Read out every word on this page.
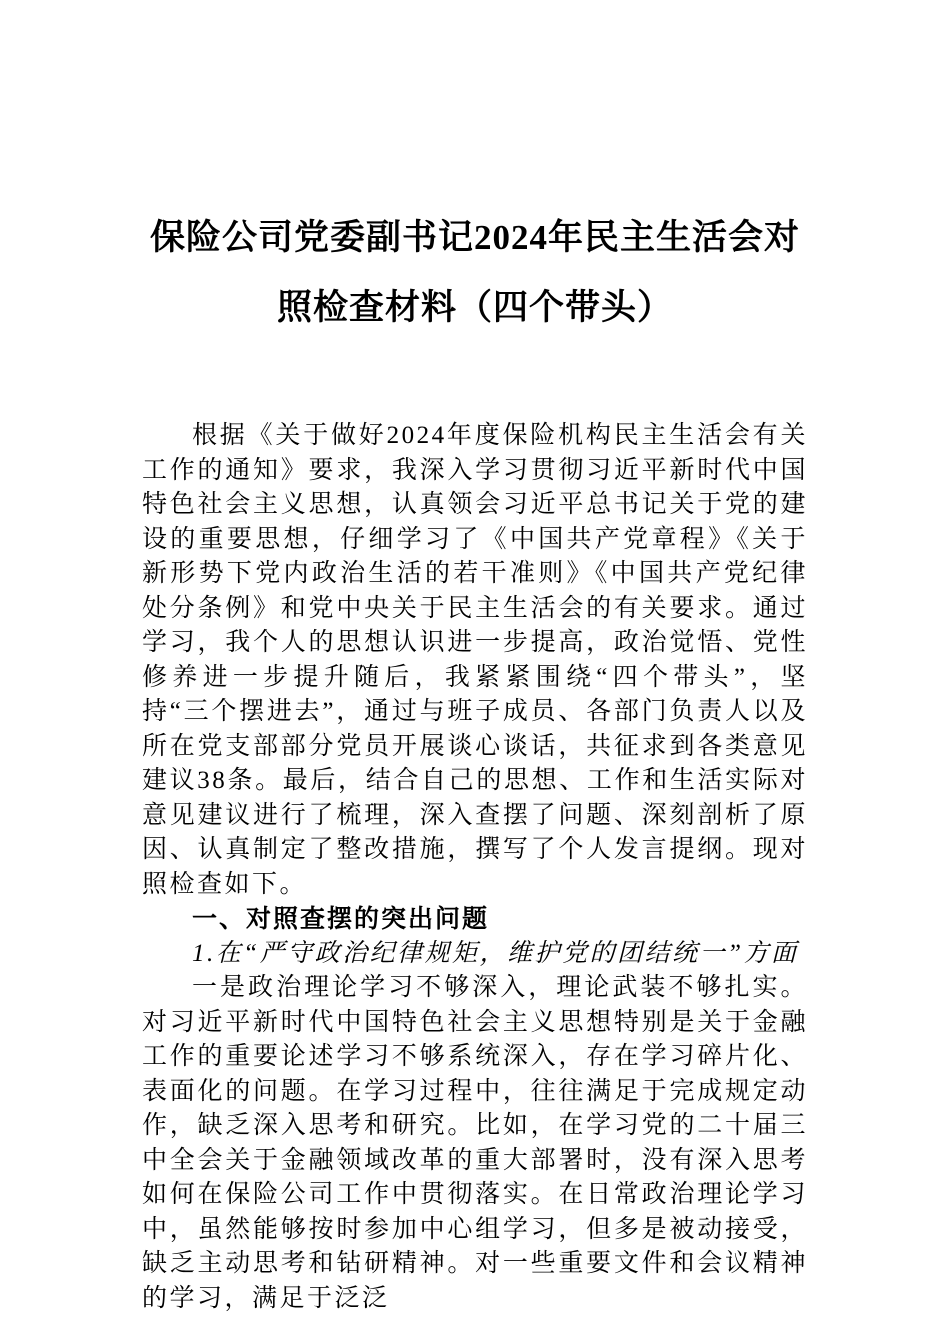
保险公司党委副书记2024年民主生活会对
照检查材料（四个带头）

根据《关于做好2024年度保险机构民主生活会有关工作的通知》要求，我深入学习贯彻习近平新时代中国特色社会主义思想，认真领会习近平总书记关于党的建设的重要思想，仔细学习了《中国共产党章程》《关于新形势下党内政治生活的若干准则》《中国共产党纪律处分条例》和党中央关于民主生活会的有关要求。通过学习，我个人的思想认识进一步提高，政治觉悟、党性修养进一步提升随后，我紧紧围绕“四个带头”，坚持“三个摆进去”，通过与班子成员、各部门负责人以及所在党支部部分党员开展谈心谈话，共征求到各类意见建议38条。最后，结合自己的思想、工作和生活实际对意见建议进行了梳理，深入查摆了问题、深刻剖析了原因、认真制定了整改措施，撰写了个人发言提纲。现对照检查如下。

一、对照查摆的突出问题

1.在“严守政治纪律规矩，维护党的团结统一”方面

一是政治理论学习不够深入，理论武装不够扎实。对习近平新时代中国特色社会主义思想特别是关于金融工作的重要论述学习不够系统深入，存在学习碎片化、表面化的问题。在学习过程中，往往满足于完成规定动作，缺乏深入思考和研究。比如，在学习党的二十届三中全会关于金融领域改革的重大部署时，没有深入思考如何在保险公司工作中贯彻落实。在日常政治理论学习中，虽然能够按时参加中心组学习，但多是被动接受，缺乏主动思考和钻研精神。对一些重要文件和会议精神的学习，满足于泛泛
